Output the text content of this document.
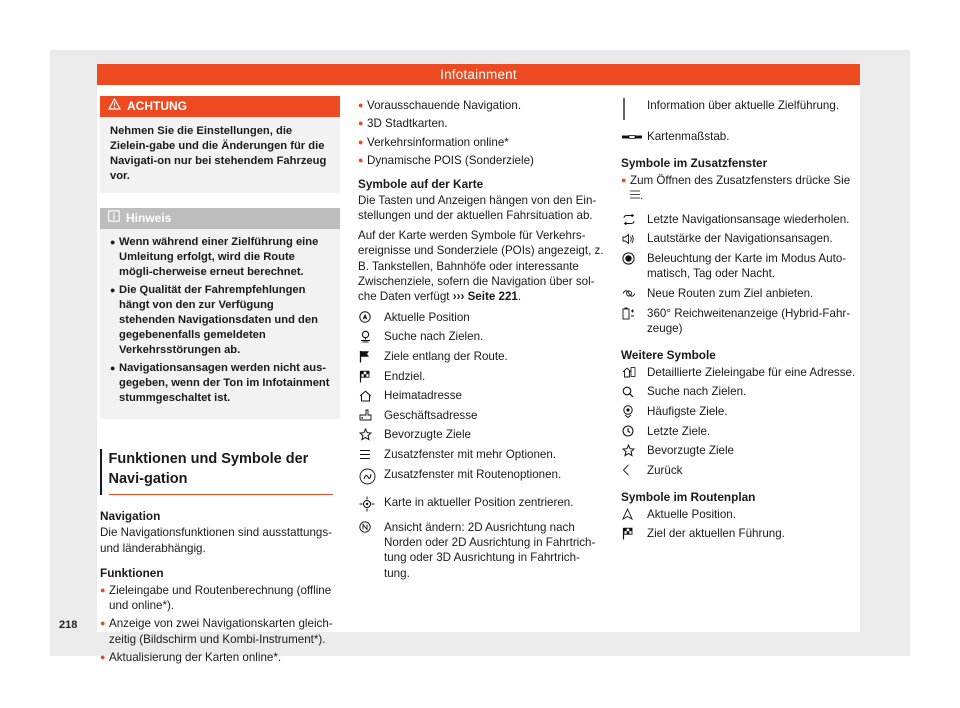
Infotainment
218
ACHTUNG
Nehmen Sie die Einstellungen, die Zielein-gabe und die Änderungen für die Navigati-on nur bei stehendem Fahrzeug vor.
Hinweis

● Wenn während einer Zielführung eine Umleitung erfolgt, wird die Route mögli-cherweise erneut berechnet.

● Die Qualität der Fahrempfehlungen hängt von den zur Verfügung stehenden Navigationsdaten und den gegebenenfalls gemeldeten Verkehrsstörungen ab.

● Navigationsansagen werden nicht aus-gegeben, wenn der Ton im Infotainment stummgeschaltet ist.

Funktionen und Symbole der Navi-gation
Navigation

Die Navigationsfunktionen sind ausstattungs- und länderabhängig.

Funktionen

● Zieleingabe und Routenberechnung (offline und online*).

● Anzeige von zwei Navigationskarten gleich-zeitig (Bildschirm und Kombi-Instrument*).

● Aktualisierung der Karten online*.

● Vorausschauende Navigation.

● 3D Stadtkarten.

● Verkehrsinformation online*

● Dynamische POIS (Sonderziele)

Symbole auf der Karte

Die Tasten und Anzeigen hängen von den Ein-stellungen und der aktuellen Fahrsituation ab.

Auf der Karte werden Symbole für Verkehrs-ereignisse und Sonderziele (POIs) angezeigt, z. B. Tankstellen, Bahnhöfe oder interessante Zwischenziele, sofern die Navigation über sol-che Daten verfügt ››› Seite 221.

Aktuelle Position
Suche nach Zielen.
Ziele entlang der Route.
Endziel.
Heimatadresse
Geschäftsadresse
Bevorzugte Ziele
Zusatzfenster mit mehr Optionen.
Zusatzfenster mit Routenoptionen.
Karte in aktueller Position zentrieren.
Ansicht ändern: 2D Ausrichtung nach Norden oder 2D Ausrichtung in Fahrtrich-tung oder 3D Ausrichtung in Fahrtrich-tung.
Information über aktuelle Zielführung.
Kartenmaßstab.
Symbole im Zusatzfenster

● Zum Öffnen des Zusatzfensters drücke Sie
.

Letzte Navigationsansage wiederholen.
Lautstärke der Navigationsansagen.
Beleuchtung der Karte im Modus Auto-matisch, Tag oder Nacht.
Neue Routen zum Ziel anbieten.
360° Reichweitenanzeige (Hybrid-Fahr-zeuge)
Weitere Symbole
Detaillierte Zieleingabe für eine Adresse.
Suche nach Zielen.
Häufigste Ziele.
Letzte Ziele.
Bevorzugte Ziele
Zurück
Symbole im Routenplan
Aktuelle Position.
Ziel der aktuellen Führung.
